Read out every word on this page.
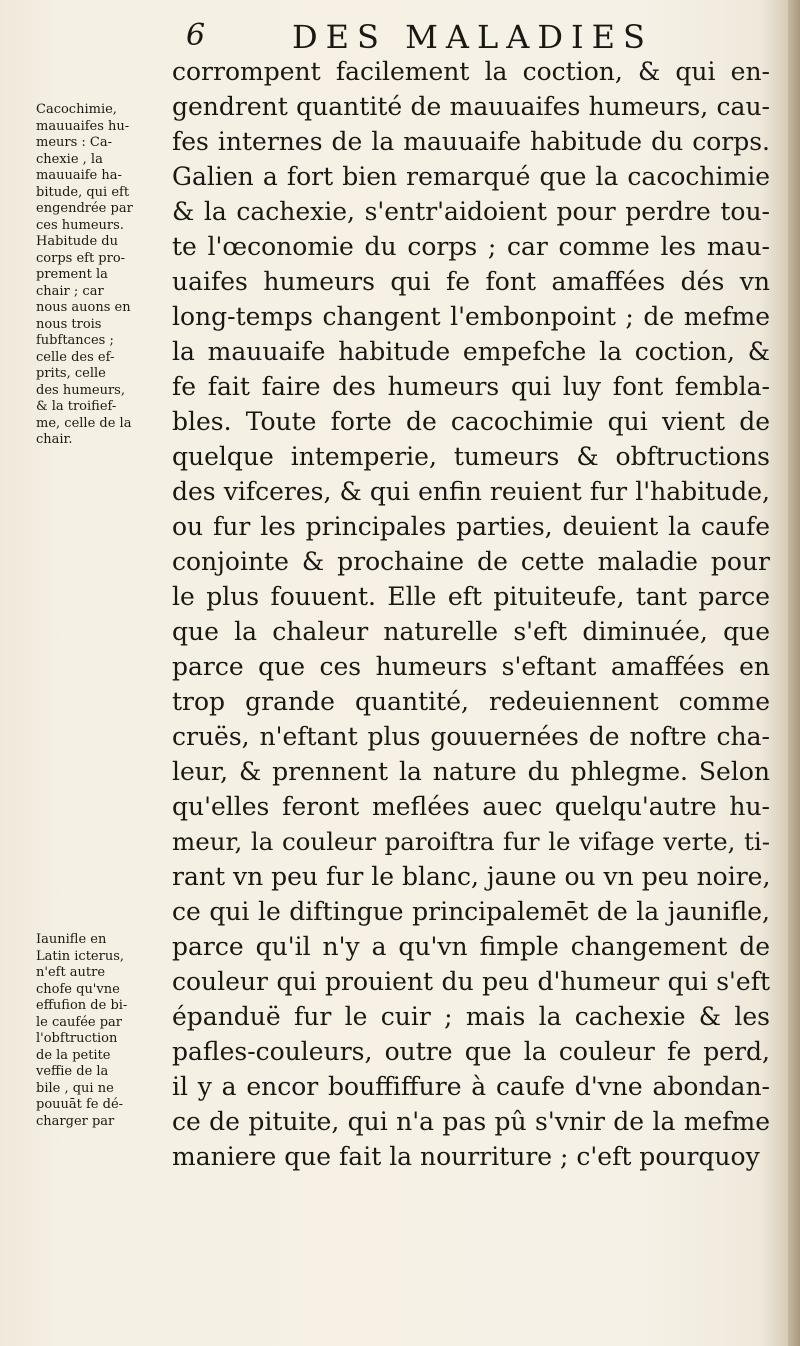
6	DES MALADIES
Cacochimie,
mauuaifes hu-
meurs : Ca-
chexie , la
mauuaife ha-
bitude, qui eft
engendrée par
ces humeurs.
Habitude du
corps eft pro-
prement la
chair ; car
nous auons en
nous trois
fubftances ;
celle des ef-
prits, celle
des humeurs,
& la troifief-
me, celle de la
chair.
Iaunifle en
Latin icterus,
n'eft autre
chofe qu'vne
effufion de bi-
le caufée par
l'obftruction
de la petite
veffie de la
bile , qui ne
pouuāt fe dé-
charger par
corrompent facilement la coction, & qui en-
gendrent quantité de mauuaifes humeurs, cau-
fes internes de la mauuaife habitude du corps.
Galien a fort bien remarqué que la cacochimie
& la cachexie, s'entr'aidoient pour perdre tou-
te l'œconomie du corps ; car comme les mau-
uaifes humeurs qui fe font amaffées dés vn
long-temps changent l'embonpoint ; de mefme
la mauuaife habitude empefche la coction, &
fe fait faire des humeurs qui luy font fembla-
bles. Toute forte de cacochimie qui vient de
quelque intemperie, tumeurs & obftructions
des vifceres, & qui enfin reuient fur l'habitude,
ou fur les principales parties, deuient la caufe
conjointe & prochaine de cette maladie pour
le plus fouuent. Elle eft pituiteufe, tant parce
que la chaleur naturelle s'eft diminuée, que
parce que ces humeurs s'eftant amaffées en
trop grande quantité, redeuiennent comme
cruës, n'eftant plus gouuernées de noftre cha-
leur, & prennent la nature du phlegme. Selon
qu'elles feront meflées auec quelqu'autre hu-
meur, la couleur paroiftra fur le vifage verte, ti-
rant vn peu fur le blanc, jaune ou vn peu noire,
ce qui le diftingue principalemēt de la jaunifle,
parce qu'il n'y a qu'vn fimple changement de
couleur qui prouient du peu d'humeur qui s'eft
épanduë fur le cuir ; mais la cachexie & les
pafles-couleurs, outre que la couleur fe perd,
il y a encor bouffiffure à caufe d'vne abondan-
ce de pituite, qui n'a pas pû s'vnir de la mefme
maniere que fait la nourriture ; c'eft pourquoy
